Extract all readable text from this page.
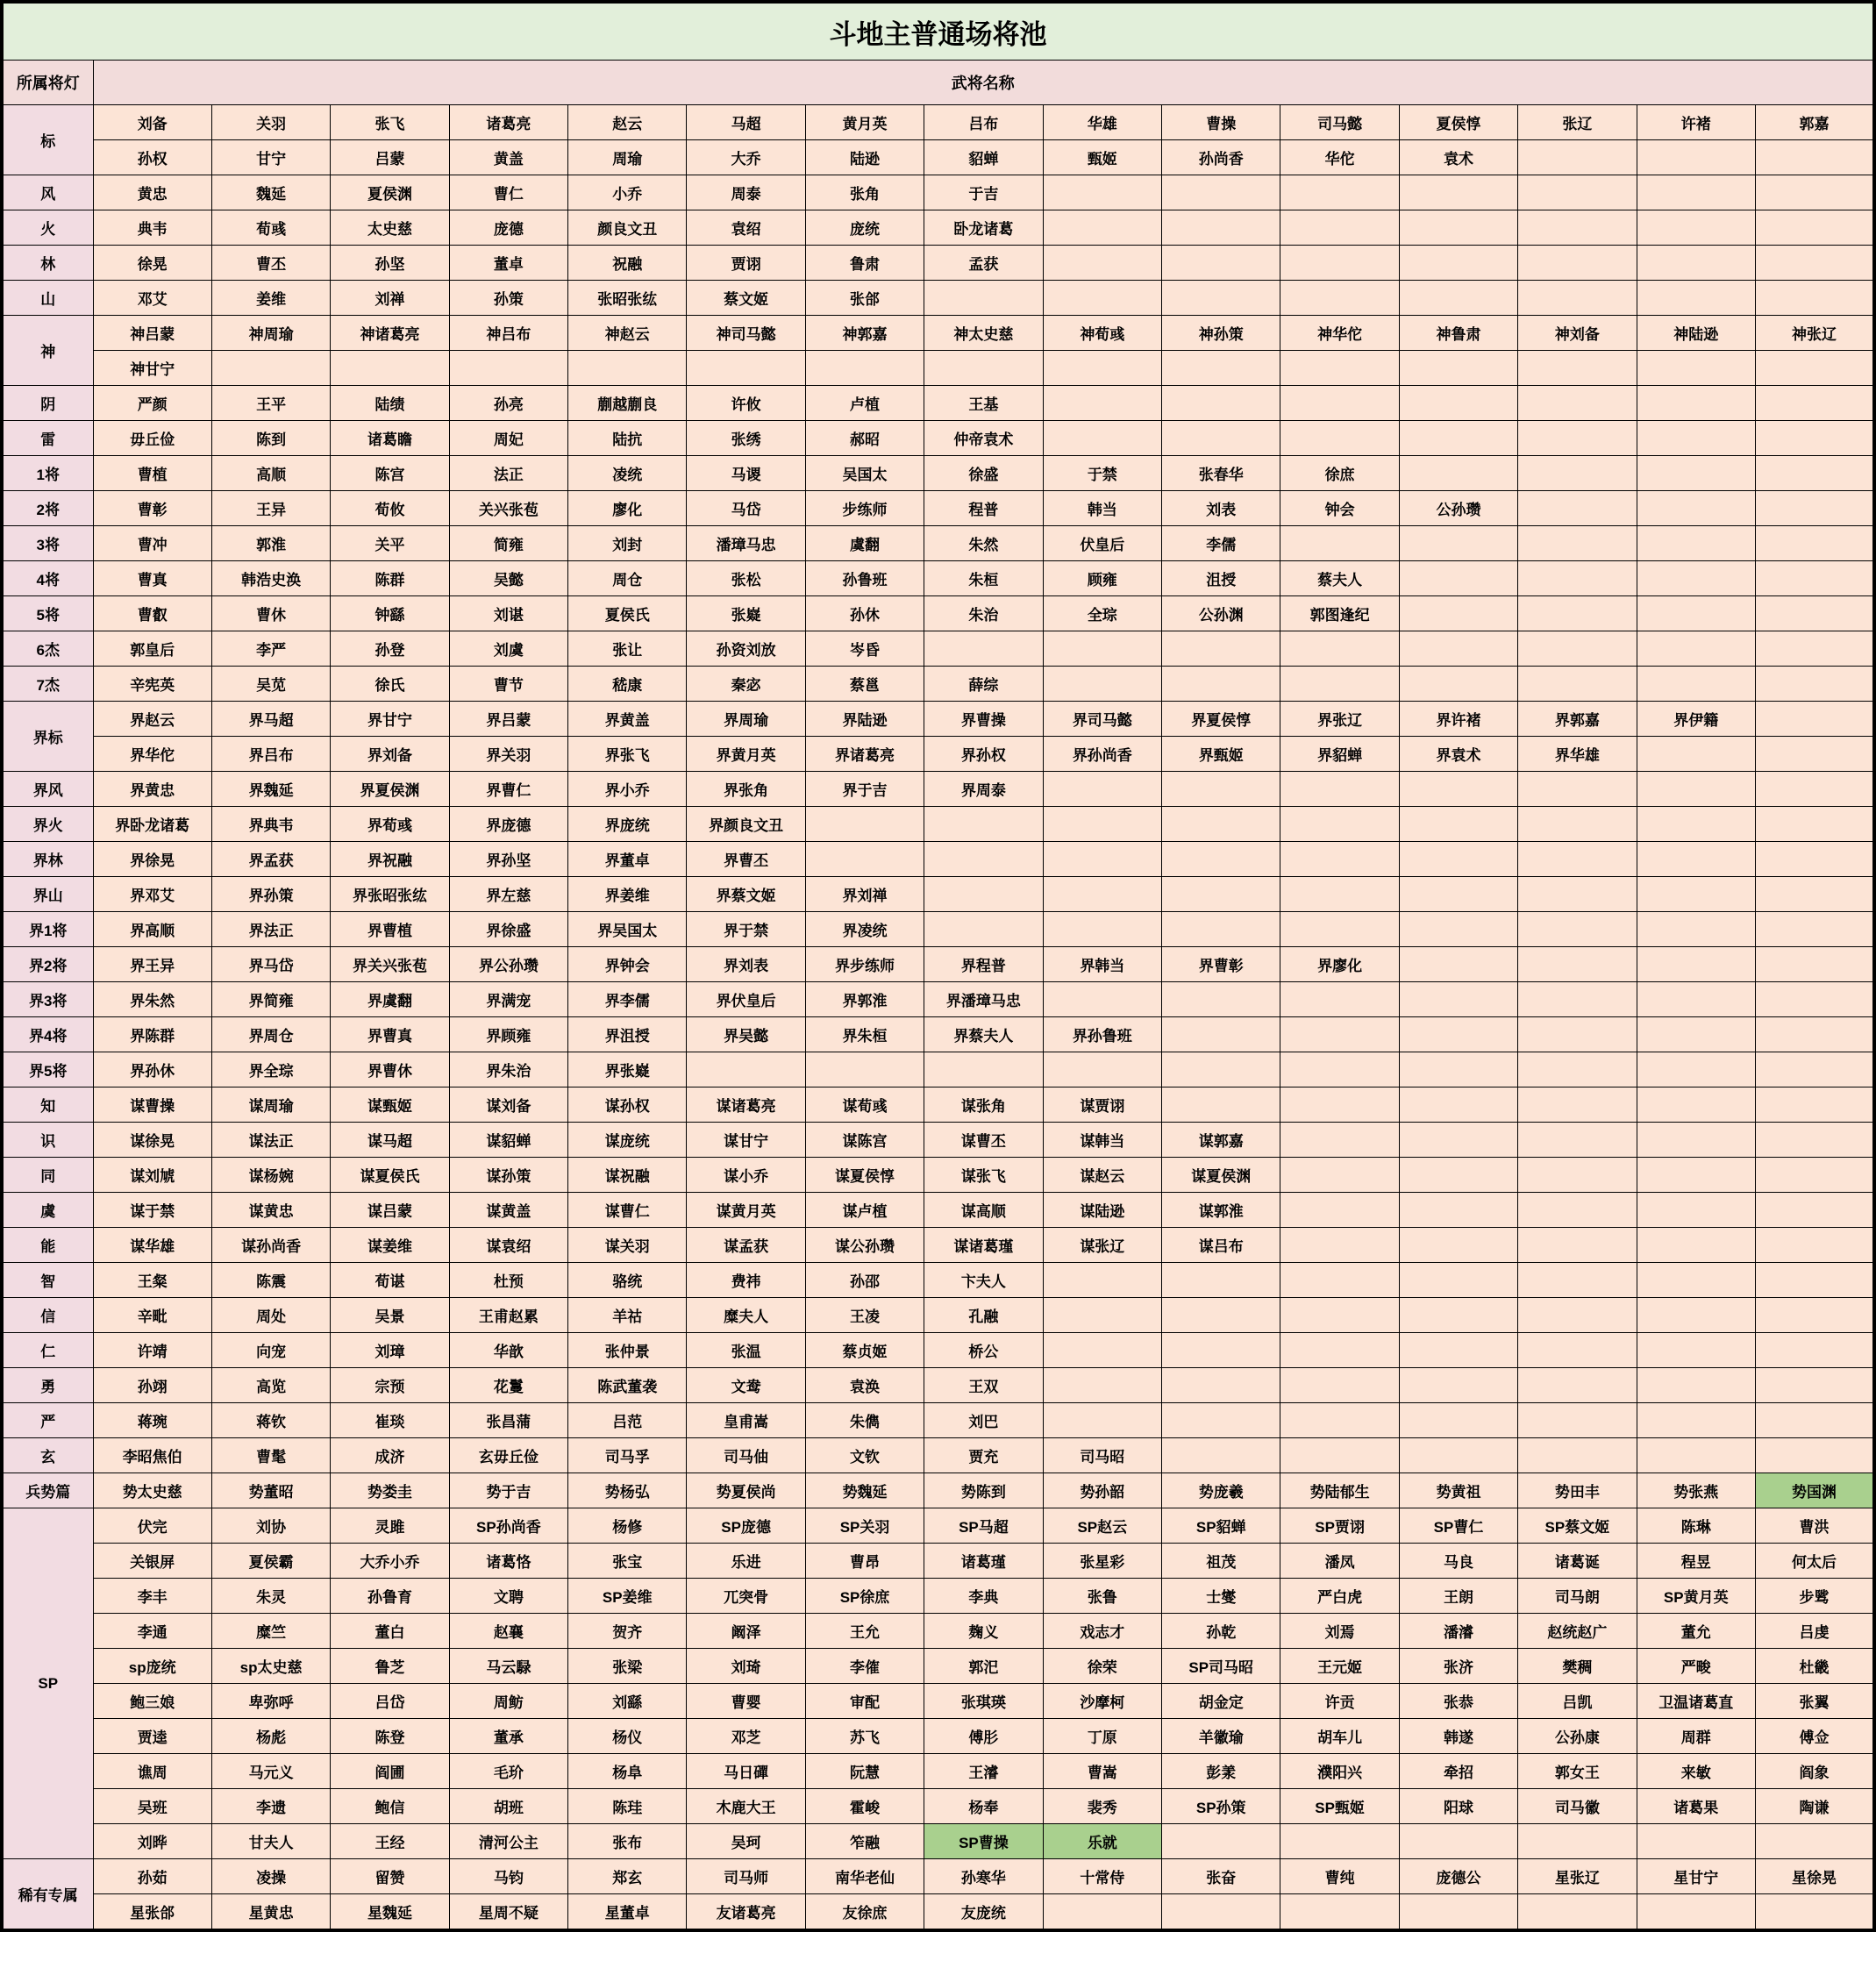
斗地主普通场将池															
所属将灯	武将名称														
标	刘备	关羽	张飞	诸葛亮	赵云	马超	黄月英	吕布	华雄	曹操	司马懿	夏侯惇	张辽	许褚	郭嘉
	孙权	甘宁	吕蒙	黄盖	周瑜	大乔	陆逊	貂蝉	甄姬	孙尚香	华佗	袁术			
风	黄忠	魏延	夏侯渊	曹仁	小乔	周泰	张角	于吉							
火	典韦	荀彧	太史慈	庞德	颜良文丑	袁绍	庞统	卧龙诸葛							
林	徐晃	曹丕	孙坚	董卓	祝融	贾诩	鲁肃	孟获							
山	邓艾	姜维	刘禅	孙策	张昭张纮	蔡文姬	张郃								
神	神吕蒙	神周瑜	神诸葛亮	神吕布	神赵云	神司马懿	神郭嘉	神太史慈	神荀彧	神孙策	神华佗	神鲁肃	神刘备	神陆逊	神张辽
	神甘宁														
阴	严颜	王平	陆绩	孙亮	蒯越蒯良	许攸	卢植	王基							
雷	毋丘俭	陈到	诸葛瞻	周妃	陆抗	张绣	郝昭	仲帝袁术							
1将	曹植	高顺	陈宫	法正	凌统	马谡	吴国太	徐盛	于禁	张春华	徐庶				
2将	曹彰	王异	荀攸	关兴张苞	廖化	马岱	步练师	程普	韩当	刘表	钟会	公孙瓒			
3将	曹冲	郭淮	关平	简雍	刘封	潘璋马忠	虞翻	朱然	伏皇后	李儒					
4将	曹真	韩浩史涣	陈群	吴懿	周仓	张松	孙鲁班	朱桓	顾雍	沮授	蔡夫人				
5将	曹叡	曹休	钟繇	刘谌	夏侯氏	张嶷	孙休	朱治	全琮	公孙渊	郭图逢纪				
6杰	郭皇后	李严	孙登	刘虞	张让	孙资刘放	岑昏								
7杰	辛宪英	吴苋	徐氏	曹节	嵇康	秦宓	蔡邕	薛综							
界标	界赵云	界马超	界甘宁	界吕蒙	界黄盖	界周瑜	界陆逊	界曹操	界司马懿	界夏侯惇	界张辽	界许褚	界郭嘉	界伊籍	
	界华佗	界吕布	界刘备	界关羽	界张飞	界黄月英	界诸葛亮	界孙权	界孙尚香	界甄姬	界貂蝉	界袁术	界华雄		
界风	界黄忠	界魏延	界夏侯渊	界曹仁	界小乔	界张角	界于吉	界周泰							
界火	界卧龙诸葛	界典韦	界荀彧	界庞德	界庞统	界颜良文丑									
界林	界徐晃	界孟获	界祝融	界孙坚	界董卓	界曹丕									
界山	界邓艾	界孙策	界张昭张纮	界左慈	界姜维	界蔡文姬	界刘禅								
界1将	界高顺	界法正	界曹植	界徐盛	界吴国太	界于禁	界凌统								
界2将	界王异	界马岱	界关兴张苞	界公孙瓒	界钟会	界刘表	界步练师	界程普	界韩当	界曹彰	界廖化				
界3将	界朱然	界简雍	界虞翻	界满宠	界李儒	界伏皇后	界郭淮	界潘璋马忠							
界4将	界陈群	界周仓	界曹真	界顾雍	界沮授	界吴懿	界朱桓	界蔡夫人	界孙鲁班						
界5将	界孙休	界全琮	界曹休	界朱治	界张嶷										
知	谋曹操	谋周瑜	谋甄姬	谋刘备	谋孙权	谋诸葛亮	谋荀彧	谋张角	谋贾诩						
识	谋徐晃	谋法正	谋马超	谋貂蝉	谋庞统	谋甘宁	谋陈宫	谋曹丕	谋韩当	谋郭嘉					
同	谋刘虓	谋杨婉	谋夏侯氏	谋孙策	谋祝融	谋小乔	谋夏侯惇	谋张飞	谋赵云	谋夏侯渊					
虞	谋于禁	谋黄忠	谋吕蒙	谋黄盖	谋曹仁	谋黄月英	谋卢植	谋高顺	谋陆逊	谋郭淮					
能	谋华雄	谋孙尚香	谋姜维	谋袁绍	谋关羽	谋孟获	谋公孙瓒	谋诸葛瑾	谋张辽	谋吕布					
智	王粲	陈震	荀谌	杜预	骆统	费祎	孙邵	卞夫人							
信	辛毗	周处	吴景	王甫赵累	羊祜	糜夫人	王凌	孔融							
仁	许靖	向宠	刘璋	华歆	张仲景	张温	蔡贞姬	桥公							
勇	孙翊	高览	宗预	花鬘	陈武董袭	文鸯	袁涣	王双							
严	蒋琬	蒋钦	崔琰	张昌蒲	吕范	皇甫嵩	朱儁	刘巴							
玄	李昭焦伯	曹髦	成济	玄毋丘俭	司马孚	司马伷	文钦	贾充	司马昭						
兵势篇	势太史慈	势董昭	势娄圭	势于吉	势杨弘	势夏侯尚	势魏延	势陈到	势孙韶	势庞羲	势陆郁生	势黄祖	势田丰	势张燕	势国渊
SP	伏完	刘协	灵雎	SP孙尚香	杨修	SP庞德	SP关羽	SP马超	SP赵云	SP貂蝉	SP贾诩	SP曹仁	SP蔡文姬	陈琳	曹洪
	关银屏	夏侯霸	大乔小乔	诸葛恪	张宝	乐进	曹昂	诸葛瑾	张星彩	祖茂	潘凤	马良	诸葛诞	程昱	何太后
	李丰	朱灵	孙鲁育	文聘	SP姜维	兀突骨	SP徐庶	李典	张鲁	士燮	严白虎	王朗	司马朗	SP黄月英	步骘
	李通	糜竺	董白	赵襄	贺齐	阚泽	王允	麹义	戏志才	孙乾	刘焉	潘濬	赵统赵广	董允	吕虔
	sp庞统	sp太史慈	鲁芝	马云騄	张梁	刘琦	李傕	郭汜	徐荣	SP司马昭	王元姬	张济	樊稠	严畯	杜畿
	鲍三娘	卑弥呼	吕岱	周鲂	刘繇	曹婴	审配	张琪瑛	沙摩柯	胡金定	许贡	张恭	吕凯	卫温诸葛直	张翼
	贾逵	杨彪	陈登	董承	杨仪	邓芝	苏飞	傅肜	丁原	羊徽瑜	胡车儿	韩遂	公孙康	周群	傅佥
	谯周	马元义	阎圃	毛玠	杨阜	马日磾	阮慧	王濬	曹嵩	彭羕	濮阳兴	牵招	郭女王	来敏	阎象
	吴班	李遗	鲍信	胡班	陈珪	木鹿大王	霍峻	杨奉	裴秀	SP孙策	SP甄姬	阳球	司马徽	诸葛果	陶谦
	刘晔	甘夫人	王经	清河公主	张布	吴珂	笮融	SP曹操	乐就						
稀有专属	孙茹	凌操	留赞	马钧	郑玄	司马师	南华老仙	孙寒华	十常侍	张奋	曹纯	庞德公	星张辽	星甘宁	星徐晃
	星张郃	星黄忠	星魏延	星周不疑	星董卓	友诸葛亮	友徐庶	友庞统							
